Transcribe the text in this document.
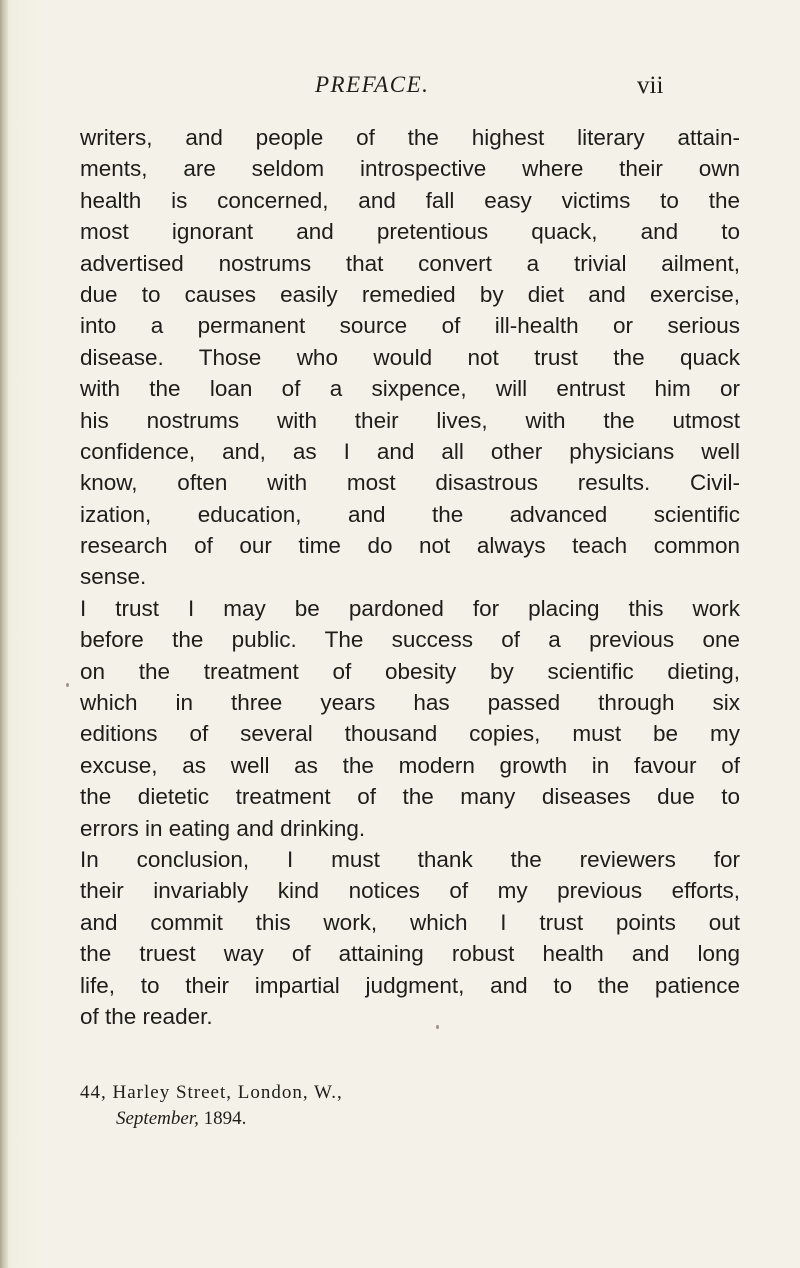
PREFACE.	vii
writers, and people of the highest literary attain-
ments, are seldom introspective where their own
health is concerned, and fall easy victims to the
most ignorant and pretentious quack, and to
advertised nostrums that convert a trivial ailment,
due to causes easily remedied by diet and exercise,
into a permanent source of ill-health or serious
disease. Those who would not trust the quack
with the loan of a sixpence, will entrust him or
his nostrums with their lives, with the utmost
confidence, and, as I and all other physicians well
know, often with most disastrous results. Civil-
ization, education, and the advanced scientific
research of our time do not always teach common
sense.
I trust I may be pardoned for placing this work
before the public. The success of a previous one
on the treatment of obesity by scientific dieting,
which in three years has passed through six
editions of several thousand copies, must be my
excuse, as well as the modern growth in favour of
the dietetic treatment of the many diseases due to
errors in eating and drinking.
In conclusion, I must thank the reviewers for
their invariably kind notices of my previous efforts,
and commit this work, which I trust points out
the truest way of attaining robust health and long
life, to their impartial judgment, and to the patience
of the reader.
44, Harley Street, London, W.,
September, 1894.
